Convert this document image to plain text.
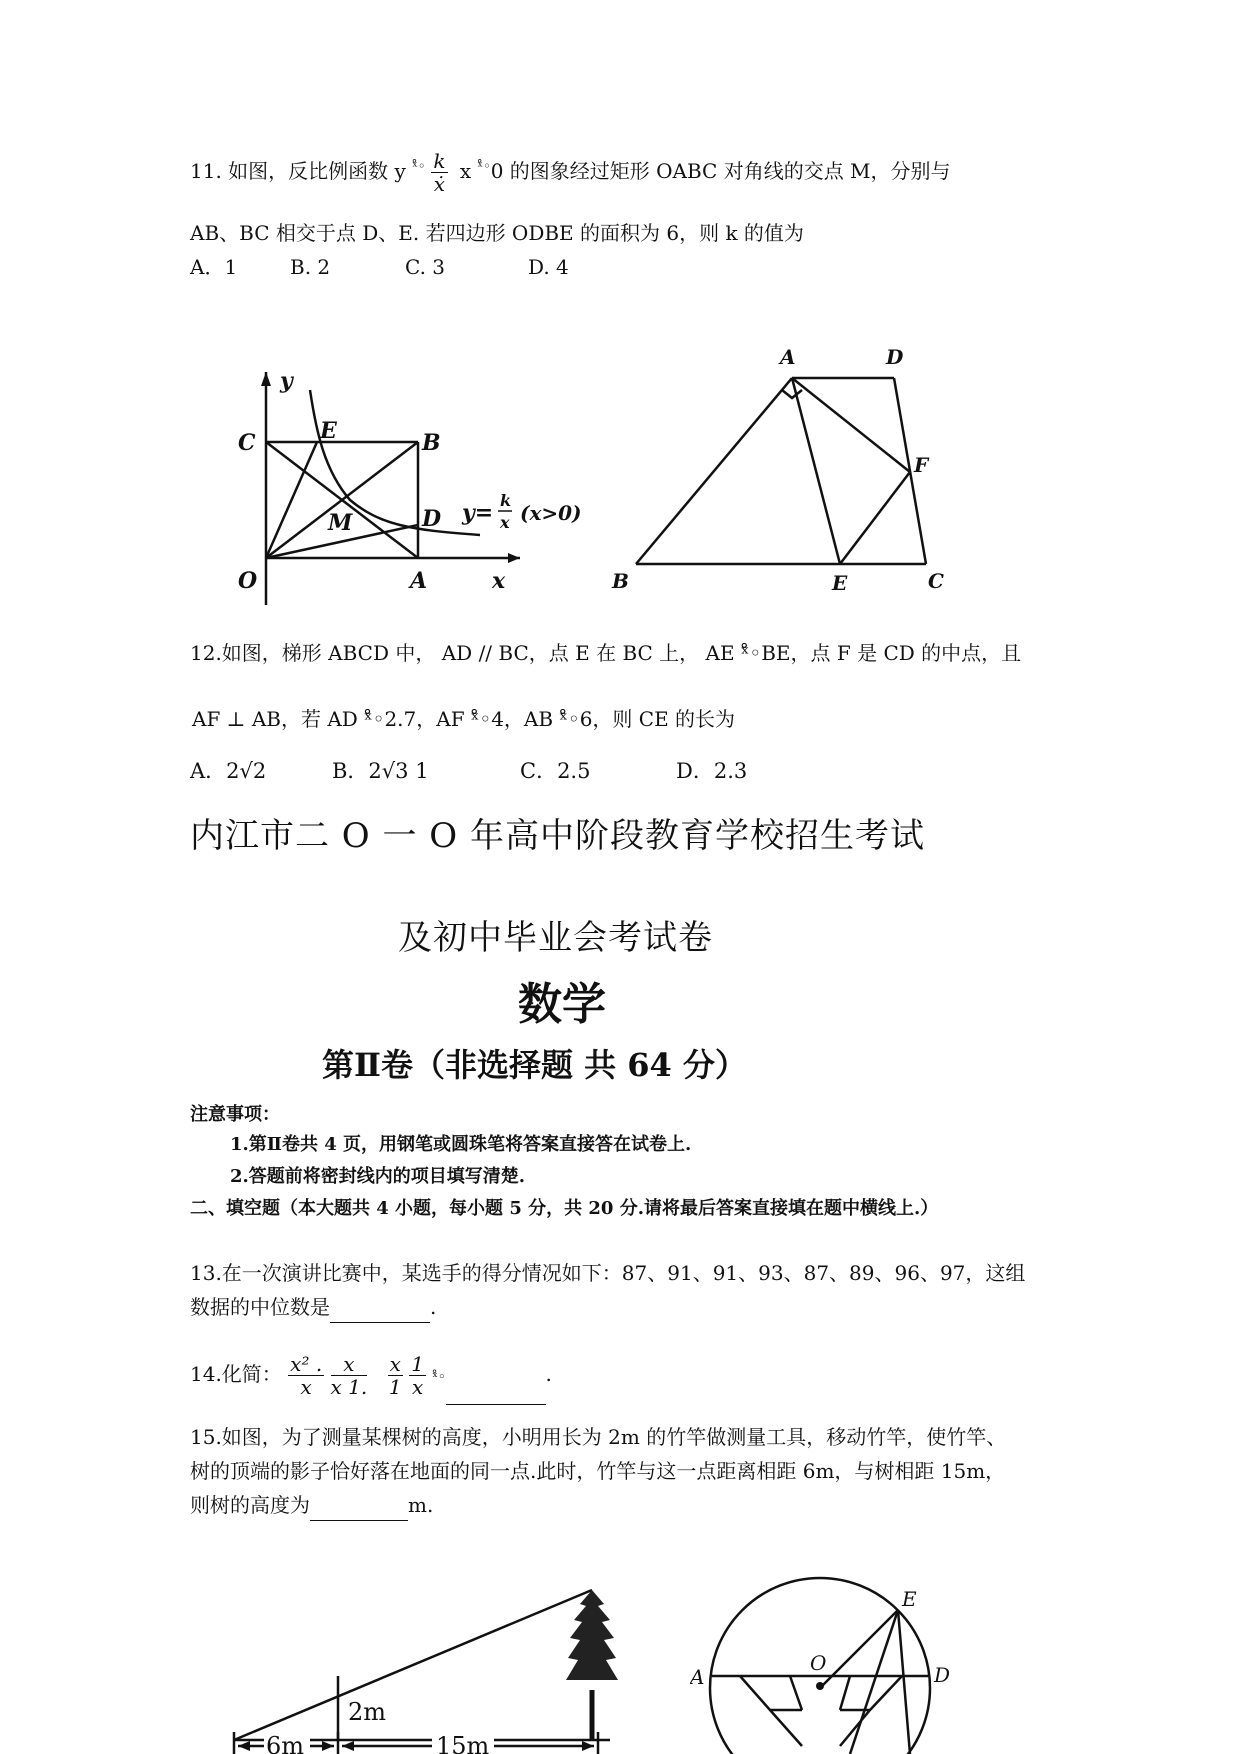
11. 如图，反比例函数 y $^{ˣ̊◦} \frac{k}{\text{ẋ}}$ x $^{ˣ̊◦}$0 的图象经过矩形 OABC 对角线的交点 M，分别与
AB、BC 相交于点 D、E. 若四边形 ODBE 的面积为 6，则 k 的值为
A．1	B. 2	C. 3	D. 4
y
C	E	B
M	D
O	A	x
y= k
x (x>0)
A	D
F
B	E	C
12.如图，梯形 ABCD 中， AD // BC，点 E 在 BC 上， AE ˣ̊◦BE，点 F 是 CD 的中点，且
AF ⊥ AB，若 AD ˣ̊◦2.7，AF ˣ̊◦4，AB ˣ̊◦6，则 CE 的长为
A．2√2	B．2√3 1	C．2.5	D．2.3
内江市二 O 一 O 年高中阶段教育学校招生考试
及初中毕业会考试卷
数学
第Ⅱ卷（非选择题 共 64 分）
注意事项：
1.第Ⅱ卷共 4 页，用钢笔或圆珠笔将答案直接答在试卷上.
2.答题前将密封线内的项目填写清楚.
二、填空题（本大题共 4 小题，每小题 5 分，共 20 分.请将最后答案直接填在题中横线上.）
13.在一次演讲比赛中，某选手的得分情况如下：87、91、91、93、87、89、96、97，这组
数据的中位数是	.
14.化简： $\frac{\text{x² .}}{x}$
$\frac{x}{x 1.}$
$\frac{x}{1}$
$\frac{1}{x}$ ˣ̊◦	.
15.如图，为了测量某棵树的高度，小明用长为 2m 的竹竿做测量工具，移动竹竿，使竹竿、
树的顶端的影子恰好落在地面的同一点.此时，竹竿与这一点距离相距 6m，与树相距 15m，
则树的高度为	m.
2m
6m	15m
E
O
A	D
